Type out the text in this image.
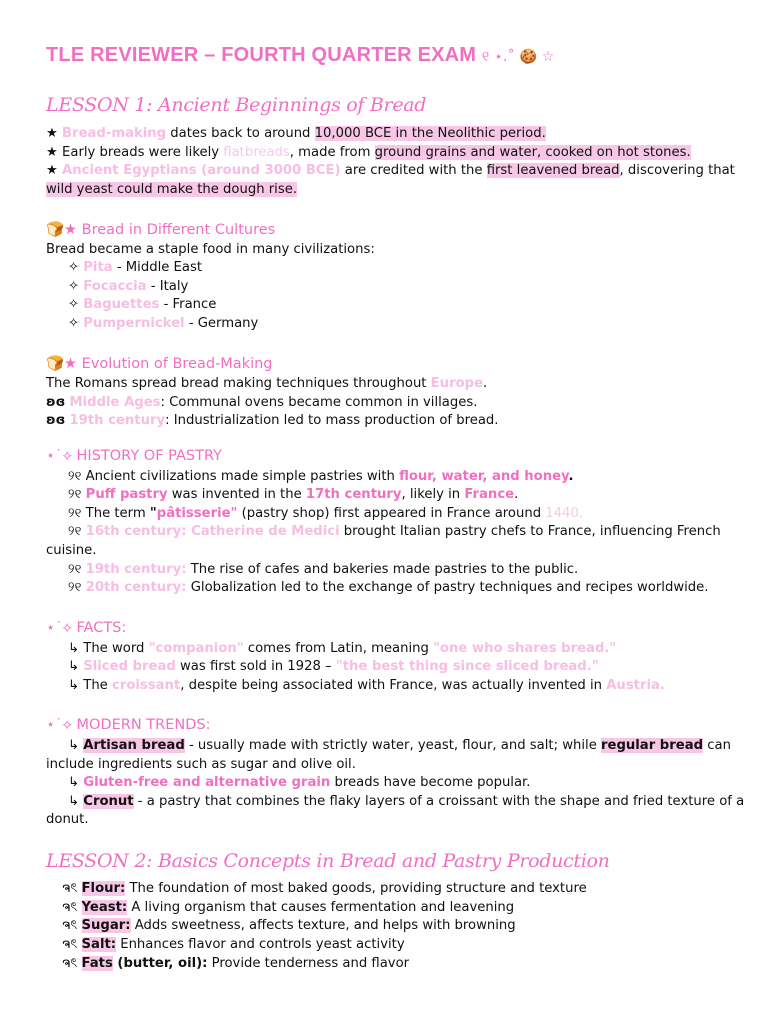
TLE REVIEWER – FOURTH QUARTER EXAM ୧ ⋆.˚ 🍪 ☆
LESSON 1: Ancient Beginnings of Bread
★ Bread-making dates back to around 10,000 BCE in the Neolithic period.
★ Early breads were likely flatbreads, made from ground grains and water, cooked on hot stones.
★ Ancient Egyptians (around 3000 BCE) are credited with the first leavened bread, discovering that
wild yeast could make the dough rise.
🍞★ Bread in Different Cultures
Bread became a staple food in many civilizations:
✧ Pita - Middle East
✧ Focaccia - Italy
✧ Baguettes - France
✧ Pumpernickel - Germany
🍞★ Evolution of Bread-Making
The Romans spread bread making techniques throughout Europe.
ʚɞ Middle Ages: Communal ovens became common in villages.
ʚɞ 19th century: Industrialization led to mass production of bread.
⋆˙⟡ HISTORY OF PASTRY
୨୧ Ancient civilizations made simple pastries with flour, water, and honey.
୨୧ Puff pastry was invented in the 17th century, likely in France.
୨୧ The term "pâtisserie" (pastry shop) first appeared in France around 1440.
୨୧ 16th century: Catherine de Medici brought Italian pastry chefs to France, influencing French
cuisine.
୨୧ 19th century: The rise of cafes and bakeries made pastries to the public.
୨୧ 20th century: Globalization led to the exchange of pastry techniques and recipes worldwide.
⋆˙⟡ FACTS:
↳ The word "companion" comes from Latin, meaning "one who shares bread."
↳ Sliced bread was first sold in 1928 – "the best thing since sliced bread."
↳ The croissant, despite being associated with France, was actually invented in Austria.
⋆˙⟡ MODERN TRENDS:
↳ Artisan bread - usually made with strictly water, yeast, flour, and salt; while regular bread can
include ingredients such as sugar and olive oil.
↳ Gluten-free and alternative grain breads have become popular.
↳ Cronut - a pastry that combines the flaky layers of a croissant with the shape and fried texture of a
donut.
LESSON 2: Basics Concepts in Bread and Pastry Production
ຈৎ Flour: The foundation of most baked goods, providing structure and texture
ຈৎ Yeast: A living organism that causes fermentation and leavening
ຈৎ Sugar: Adds sweetness, affects texture, and helps with browning
ຈৎ Salt: Enhances flavor and controls yeast activity
ຈৎ Fats (butter, oil): Provide tenderness and flavor
